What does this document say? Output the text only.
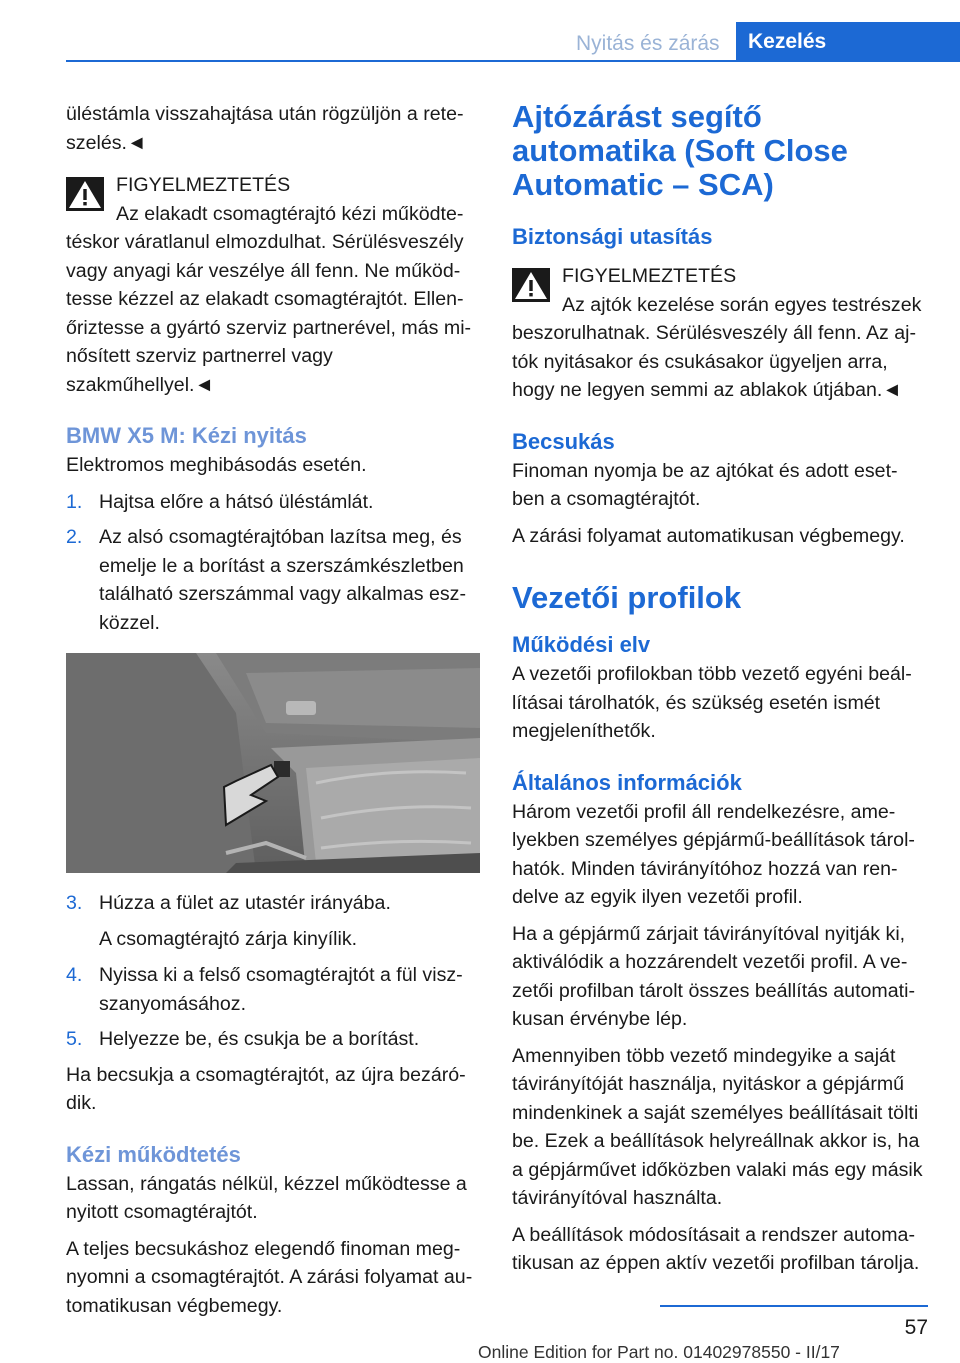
Nyitás és zárás Kezelés

üléstámla visszahajtása után rögzüljön a rete-szelés.◄

FIGYELMEZTETÉS
Az elakadt csomagtérajtó kézi működte-téskor váratlanul elmozdulhat. Sérülésveszély vagy anyagi kár veszélye áll fenn. Ne működ-tesse kézzel az elakadt csomagtérajtót. Ellen-őriztesse a gyártó szerviz partnerével, más mi-nősített szerviz partnerrel vagy szakműhellyel.◄
BMW X5 M: Kézi nyitás

Elektromos meghibásodás esetén.

1. Hajtsa előre a hátsó üléstámlát.
2. Az alsó csomagtérajtóban lazítsa meg, és emelje le a borítást a szerszámkészletben található szerszámmal vagy alkalmas esz-közzel.
3. Húzza a fület az utastér irányába.

A csomagtérajtó zárja kinyílik.

4. Nyissa ki a felső csomagtérajtót a fül visz-szanyomásához.
5. Helyezze be, és csukja be a borítást.

Ha becsukja a csomagtérajtót, az újra bezáró-dik.

Kézi működtetés

Lassan, rángatás nélkül, kézzel működtesse a nyitott csomagtérajtót.

A teljes becsukáshoz elegendő finoman meg-nyomni a csomagtérajtót. A zárási folyamat au-tomatikusan végbemegy.

Ajtózárást segítő automatika (Soft Close Automatic – SCA)
Biztonsági utasítás
FIGYELMEZTETÉS
Az ajtók kezelése során egyes testrészek beszorulhatnak. Sérülésveszély áll fenn. Az aj-tók nyitásakor és csukásakor ügyeljen arra, hogy ne legyen semmi az ablakok útjában.◄
Becsukás

Finoman nyomja be az ajtókat és adott eset-ben a csomagtérajtót.

A zárási folyamat automatikusan végbemegy.

Vezetői profilok
Működési elv

A vezetői profilokban több vezető egyéni beál-lításai tárolhatók, és szükség esetén ismét megjeleníthetők.

Általános információk

Három vezetői profil áll rendelkezésre, ame-lyekben személyes gépjármű-beállítások tárol-hatók. Minden távirányítóhoz hozzá van ren-delve az egyik ilyen vezetői profil.

Ha a gépjármű zárjait távirányítóval nyitják ki, aktiválódik a hozzárendelt vezetői profil. A ve-zetői profilban tárolt összes beállítás automati-kusan érvénybe lép.

Amennyiben több vezető mindegyike a saját távirányítóját használja, nyitáskor a gépjármű mindenkinek a saját személyes beállításait tölti be. Ezek a beállítások helyreállnak akkor is, ha a gépjárművet időközben valaki más egy másik távirányítóval használta.

A beállítások módosításait a rendszer automa-tikusan az éppen aktív vezetői profilban tárolja.

57
Online Edition for Part no. 01402978550 - II/17
